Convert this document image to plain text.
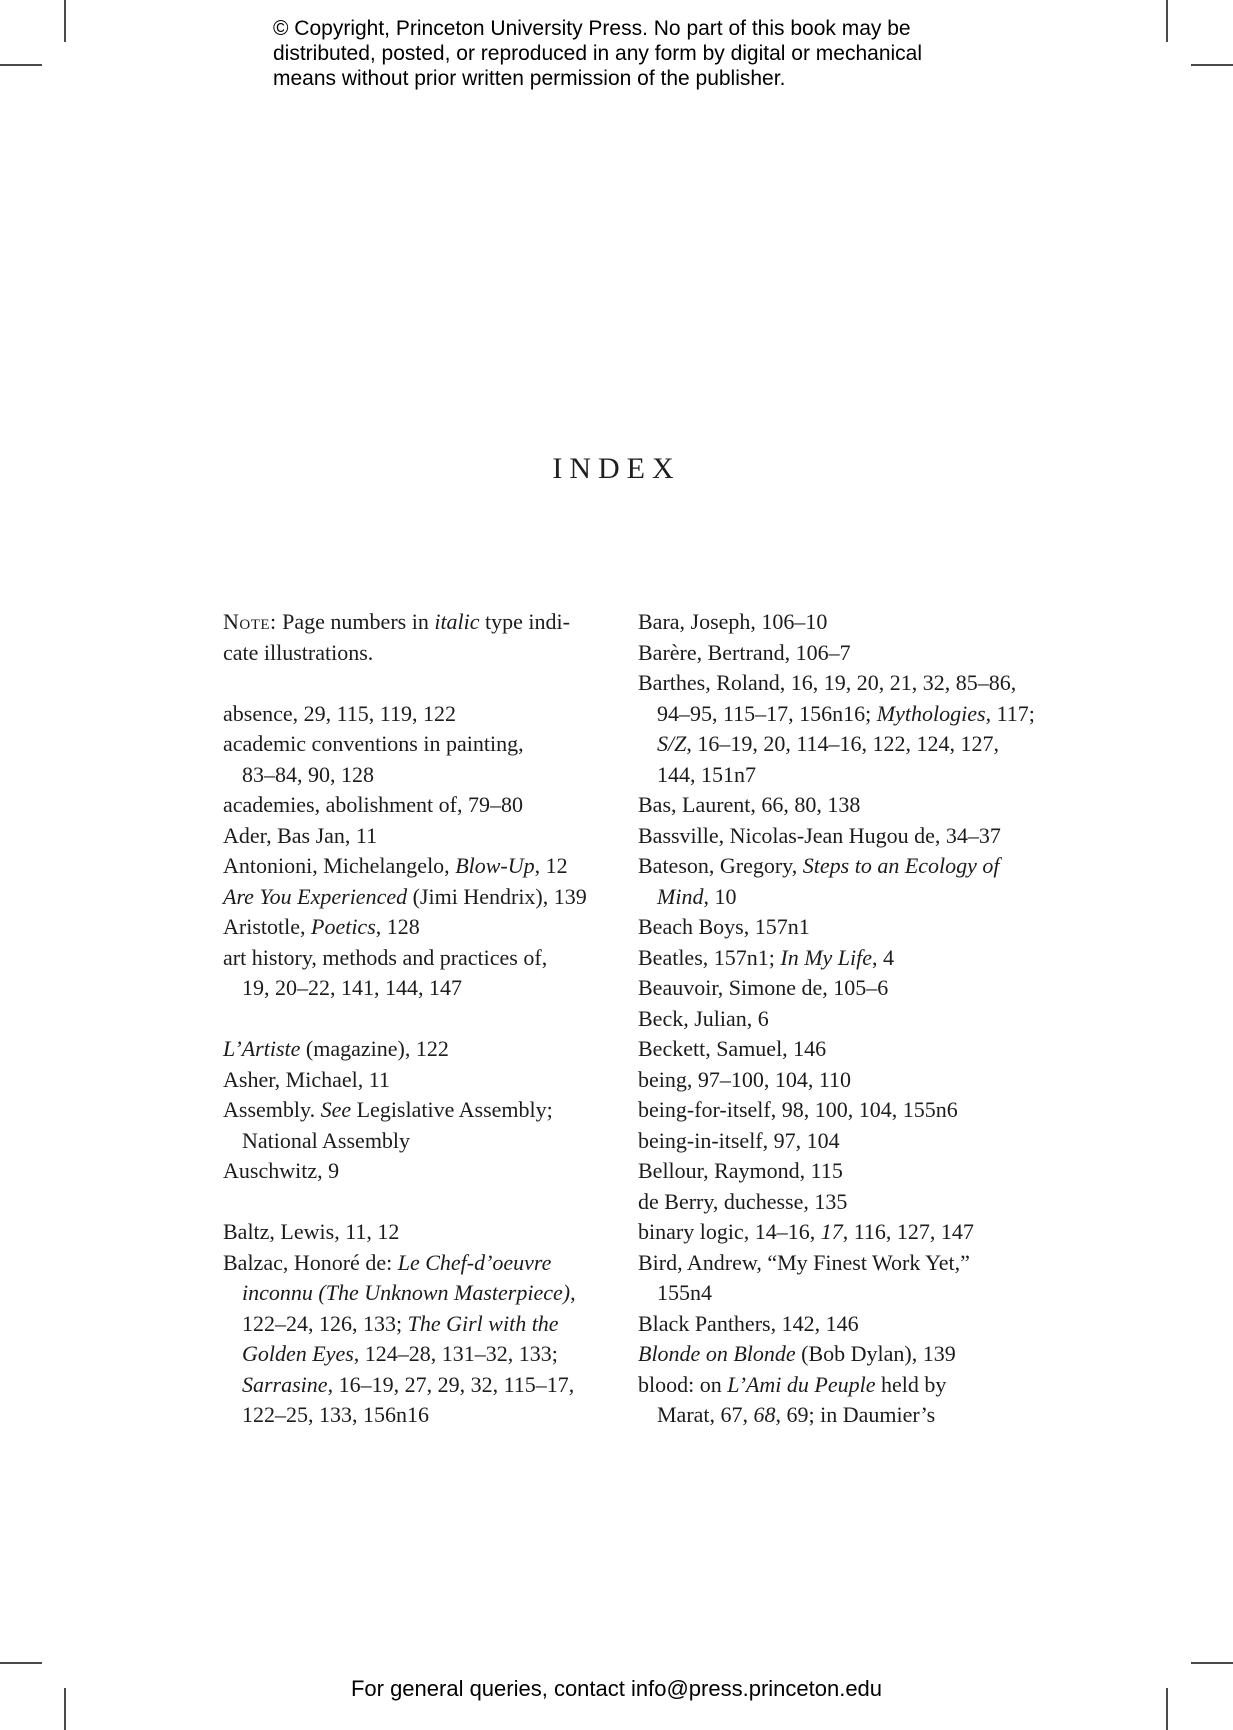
© Copyright, Princeton University Press. No part of this book may be
distributed, posted, or reproduced in any form by digital or mechanical
means without prior written permission of the publisher.
INDEX
Note: Page numbers in italic type indi-
cate illustrations.
absence, 29, 115, 119, 122
academic conventions in painting,
83–84, 90, 128
academies, abolishment of, 79–80
Ader, Bas Jan, 11
Antonioni, Michelangelo, Blow-Up, 12
Are You Experienced (Jimi Hendrix), 139
Aristotle, Poetics, 128
art history, methods and practices of,
19, 20–22, 141, 144, 147
L’Artiste (magazine), 122
Asher, Michael, 11
Assembly. See Legislative Assembly;
National Assembly
Auschwitz, 9
Baltz, Lewis, 11, 12
Balzac, Honoré de: Le Chef-d’oeuvre
inconnu (The Unknown Masterpiece),
122–24, 126, 133; The Girl with the
Golden Eyes, 124–28, 131–32, 133;
Sarrasine, 16–19, 27, 29, 32, 115–17,
122–25, 133, 156n16
Bara, Joseph, 106–10
Barère, Bertrand, 106–7
Barthes, Roland, 16, 19, 20, 21, 32, 85–86,
94–95, 115–17, 156n16; Mythologies, 117;
S/Z, 16–19, 20, 114–16, 122, 124, 127,
144, 151n7
Bas, Laurent, 66, 80, 138
Bassville, Nicolas-Jean Hugou de, 34–37
Bateson, Gregory, Steps to an Ecology of
Mind, 10
Beach Boys, 157n1
Beatles, 157n1; In My Life, 4
Beauvoir, Simone de, 105–6
Beck, Julian, 6
Beckett, Samuel, 146
being, 97–100, 104, 110
being-for-itself, 98, 100, 104, 155n6
being-in-itself, 97, 104
Bellour, Raymond, 115
de Berry, duchesse, 135
binary logic, 14–16, 17, 116, 127, 147
Bird, Andrew, “My Finest Work Yet,”
155n4
Black Panthers, 142, 146
Blonde on Blonde (Bob Dylan), 139
blood: on L’Ami du Peuple held by
Marat, 67, 68, 69; in Daumier’s
For general queries, contact info@press.princeton.edu
